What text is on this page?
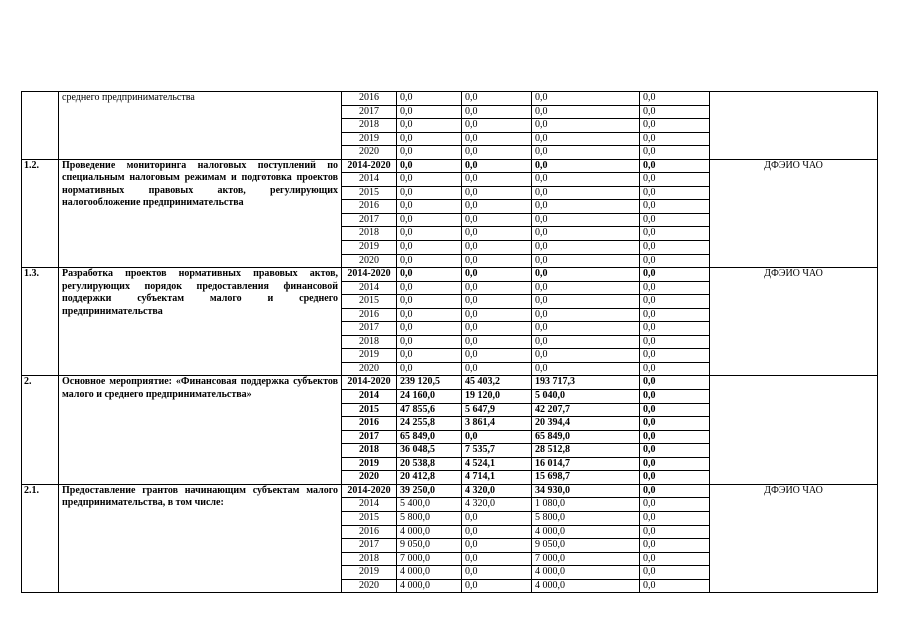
	среднего предпринимательства	2016	0,0	0,0	0,0	0,0	
		2017	0,0	0,0	0,0	0,0	
		2018	0,0	0,0	0,0	0,0	
		2019	0,0	0,0	0,0	0,0	
		2020	0,0	0,0	0,0	0,0	
1.2.	Проведение мониторинга налоговых поступлений по специальным налоговым режимам и подготовка проектов нормативных правовых актов, регулирующих налогообложение предпринимательства	2014-2020	0,0	0,0	0,0	0,0	ДФЭИО ЧАО
		2014	0,0	0,0	0,0	0,0	
		2015	0,0	0,0	0,0	0,0	
		2016	0,0	0,0	0,0	0,0	
		2017	0,0	0,0	0,0	0,0	
		2018	0,0	0,0	0,0	0,0	
		2019	0,0	0,0	0,0	0,0	
		2020	0,0	0,0	0,0	0,0	
1.3.	Разработка проектов нормативных правовых актов, регулирующих порядок предоставления финансовой поддержки субъектам малого и среднего предпринимательства	2014-2020	0,0	0,0	0,0	0,0	ДФЭИО ЧАО
		2014	0,0	0,0	0,0	0,0	
		2015	0,0	0,0	0,0	0,0	
		2016	0,0	0,0	0,0	0,0	
		2017	0,0	0,0	0,0	0,0	
		2018	0,0	0,0	0,0	0,0	
		2019	0,0	0,0	0,0	0,0	
		2020	0,0	0,0	0,0	0,0	
2.	Основное мероприятие: «Финансовая поддержка субъектов малого и среднего предпринимательства»	2014-2020	239 120,5	45 403,2	193 717,3	0,0	
		2014	24 160,0	19 120,0	5 040,0	0,0	
		2015	47 855,6	5 647,9	42 207,7	0,0	
		2016	24 255,8	3 861,4	20 394,4	0,0	
		2017	65 849,0	0,0	65 849,0	0,0	
		2018	36 048,5	7 535,7	28 512,8	0,0	
		2019	20 538,8	4 524,1	16 014,7	0,0	
		2020	20 412,8	4 714,1	15 698,7	0,0	
2.1.	Предоставление грантов начинающим субъектам малого предпринимательства, в том числе:	2014-2020	39 250,0	4 320,0	34 930,0	0,0	ДФЭИО ЧАО
		2014	5 400,0	4 320,0	1 080,0	0,0	
		2015	5 800,0	0,0	5 800,0	0,0	
		2016	4 000,0	0,0	4 000,0	0,0	
		2017	9 050,0	0,0	9 050,0	0,0	
		2018	7 000,0	0,0	7 000,0	0,0	
		2019	4 000,0	0,0	4 000,0	0,0	
		2020	4 000,0	0,0	4 000,0	0,0	
